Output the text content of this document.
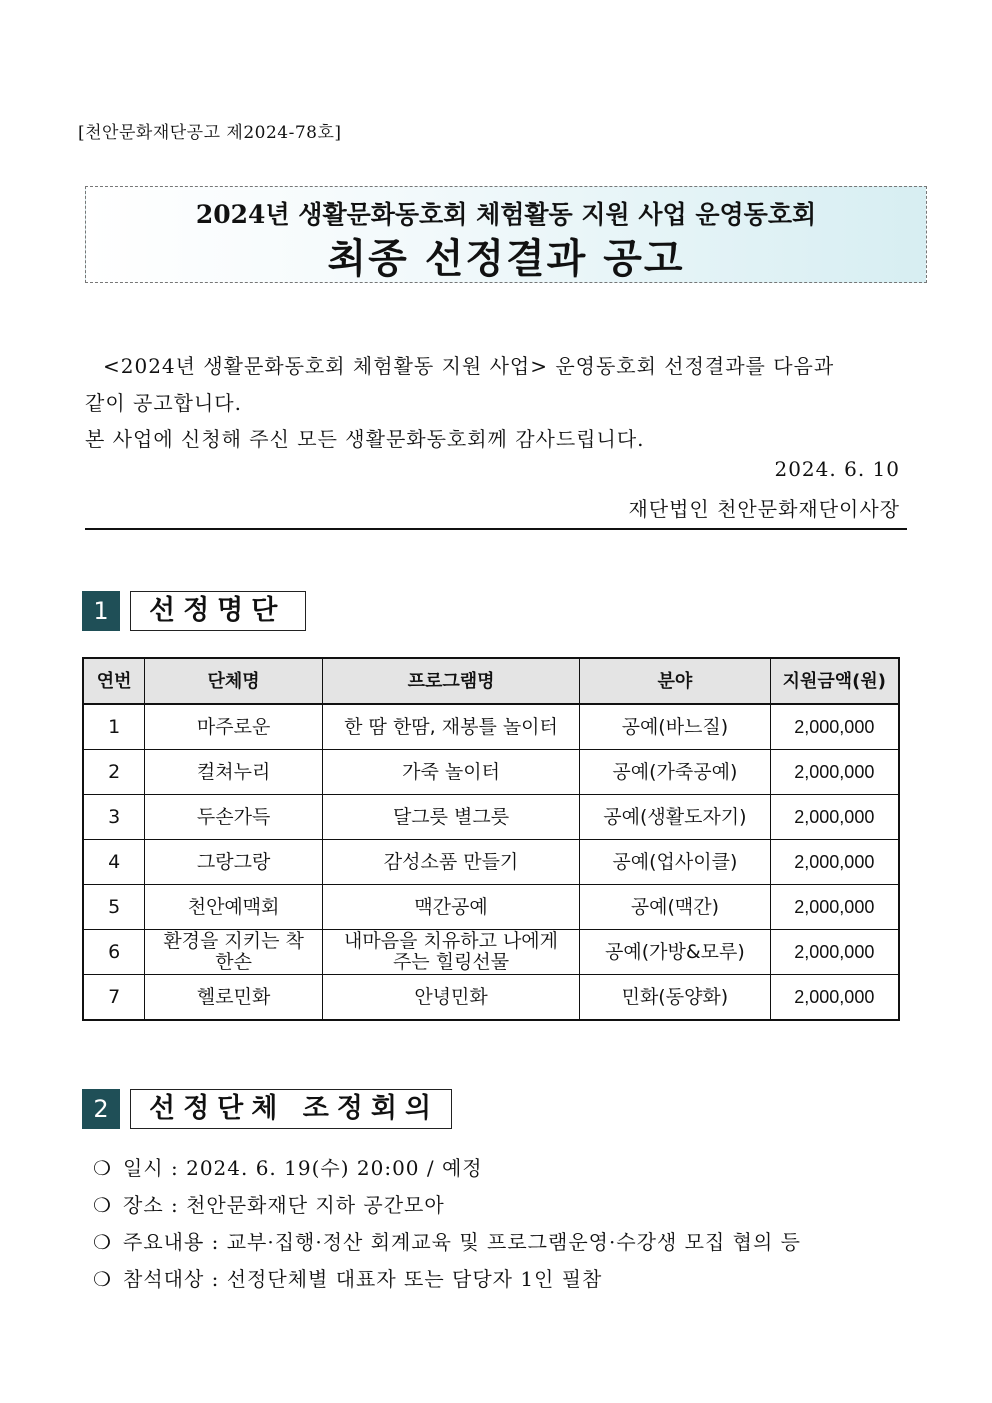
[천안문화재단공고 제2024-78호]
2024년 생활문화동호회 체험활동 지원 사업 운영동호회
최종 선정결과 공고
<2024년 생활문화동호회 체험활동 지원 사업> 운영동호회 선정결과를 다음과
같이 공고합니다.
본 사업에 신청해 주신 모든 생활문화동호회께 감사드립니다.
2024. 6. 10
재단법인 천안문화재단이사장
1	선정명단
연번	단체명	프로그램명	분야	지원금액(원)
1	마주로운	한 땀 한땀, 재봉틀 놀이터	공예(바느질)	2,000,000
2	컬쳐누리	가죽 놀이터	공예(가죽공예)	2,000,000
3	두손가득	달그릇 별그릇	공예(생활도자기)	2,000,000
4	그랑그랑	감성소품 만들기	공예(업사이클)	2,000,000
5	천안예맥회	맥간공예	공예(맥간)	2,000,000
6	환경을 지키는 착한손	내마음을 치유하고 나에게 주는 힐링선물	공예(가방&모루)	2,000,000
7	헬로민화	안녕민화	민화(동양화)	2,000,000
2	선정단체 조정회의
❍ 일시 : 2024. 6. 19(수) 20:00 / 예정
❍ 장소 : 천안문화재단 지하 공간모아
❍ 주요내용 : 교부·집행·정산 회계교육 및 프로그램운영·수강생 모집 협의 등
❍ 참석대상 : 선정단체별 대표자 또는 담당자 1인 필참
